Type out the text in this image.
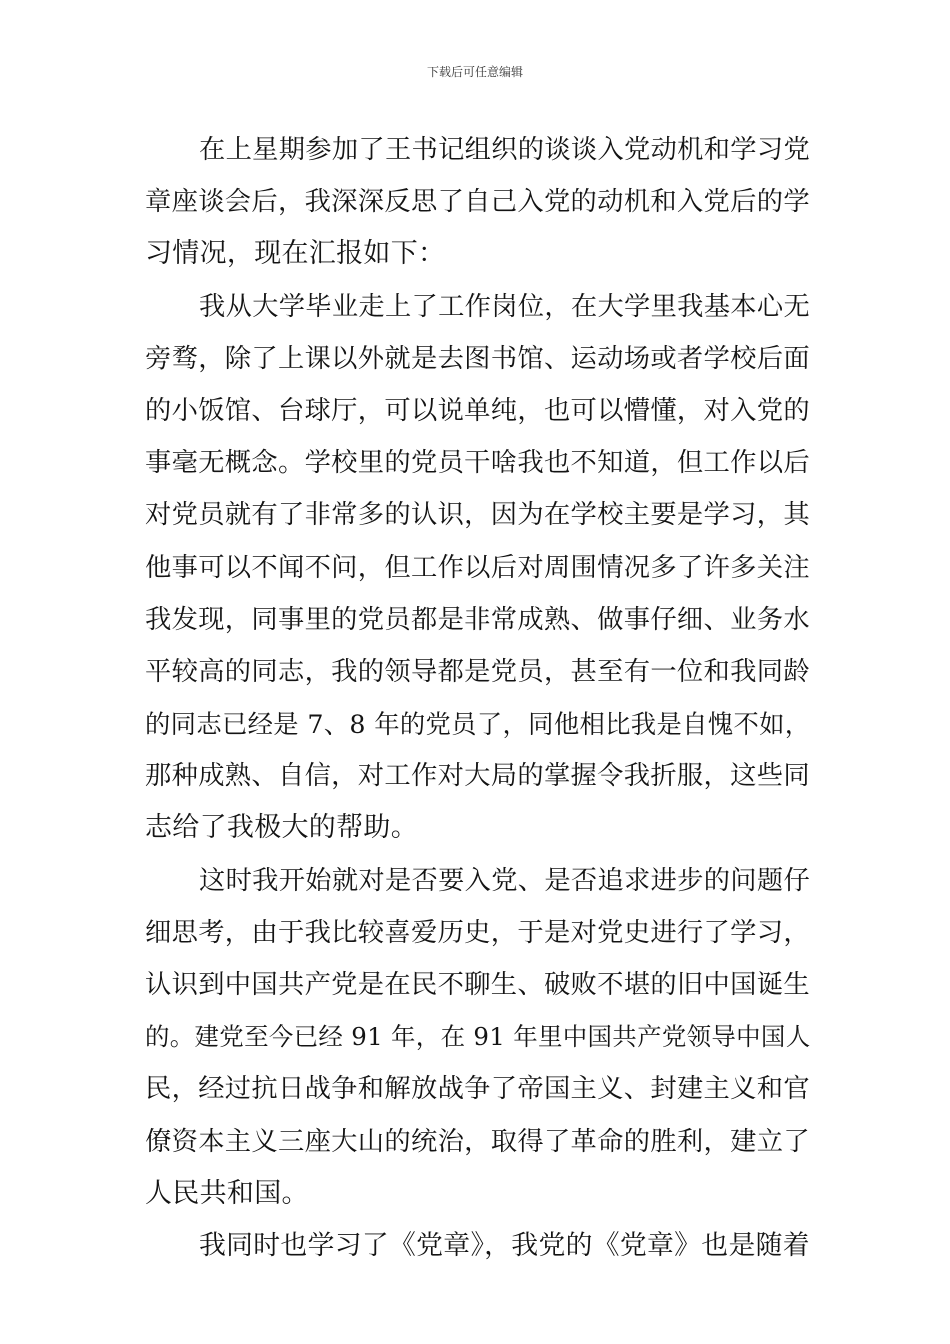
下载后可任意编辑
在上星期参加了王书记组织的谈谈入党动机和学习党
章座谈会后，我深深反思了自己入党的动机和入党后的学
习情况，现在汇报如下：
我从大学毕业走上了工作岗位，在大学里我基本心无
旁骛，除了上课以外就是去图书馆、运动场或者学校后面
的小饭馆、台球厅，可以说单纯，也可以懵懂，对入党的
事毫无概念。学校里的党员干啥我也不知道，但工作以后
对党员就有了非常多的认识，因为在学校主要是学习，其
他事可以不闻不问，但工作以后对周围情况多了许多关注
我发现，同事里的党员都是非常成熟、做事仔细、业务水
平较高的同志，我的领导都是党员，甚至有一位和我同龄
的同志已经是 7、8 年的党员了，同他相比我是自愧不如，
那种成熟、自信，对工作对大局的掌握令我折服，这些同
志给了我极大的帮助。
这时我开始就对是否要入党、是否追求进步的问题仔
细思考，由于我比较喜爱历史，于是对党史进行了学习，
认识到中国共产党是在民不聊生、破败不堪的旧中国诞生
的。建党至今已经 91 年，在 91 年里中国共产党领导中国人
民，经过抗日战争和解放战争了帝国主义、封建主义和官
僚资本主义三座大山的统治，取得了革命的胜利，建立了
人民共和国。
我同时也学习了《党章》，我党的《党章》也是随着
